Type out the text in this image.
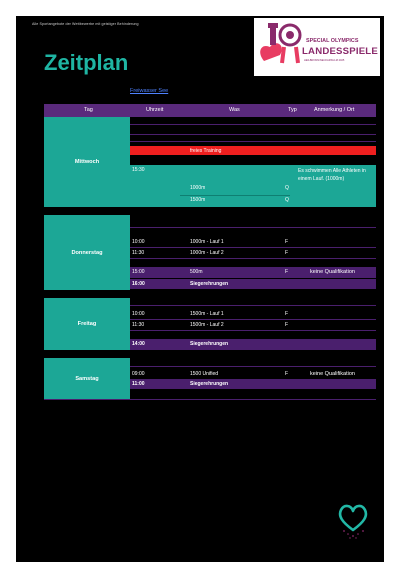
Alle Sportangebote der Wettbewerbe mit geistiger Behinderung
Zeitplan
SPECIAL OLYMPICS
LANDESSPIELE
HEILBRONN/NECKARSULM 2025
Freiwasser See
Tag	Uhrzeit	Was	Typ	Anmerkung / Ort
Mittwoch
freies Training
15:30	Es schwimmen Alle Athleten in einem Lauf. (1000m)
1000m	Q
1500m	Q
Donnerstag
10:00	1000m - Lauf 1	F
11:30	1000m - Lauf 2	F
15:00	500m	F	keine Qualifikation
16:00	Siegerehrungen
Freitag
10:00	1500m - Lauf 1	F
11:30	1500m - Lauf 2	F
14:00	Siegerehrungen
Samstag
09:00	1500 Unified	F	keine Qualifikation
11:00	Siegerehrungen
